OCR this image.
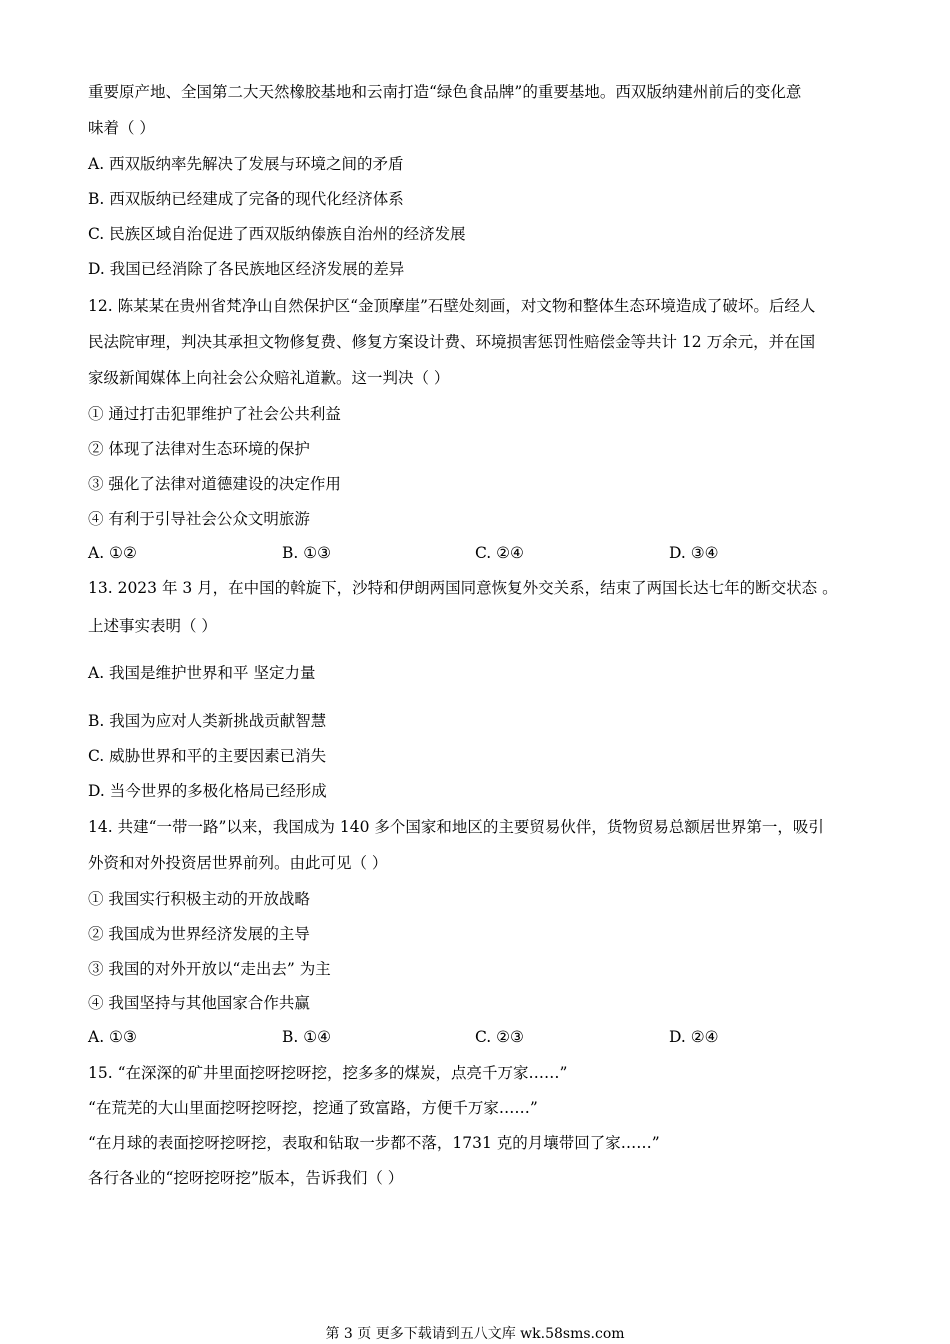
重要原产地、全国第二大天然橡胶基地和云南打造“绿色食品牌”的重要基地。西双版纳建州前后的变化意
味着（ ）
A. 西双版纳率先解决了发展与环境之间的矛盾
B. 西双版纳已经建成了完备的现代化经济体系
C. 民族区域自治促进了西双版纳傣族自治州的经济发展
D. 我国已经消除了各民族地区经济发展的差异
12. 陈某某在贵州省梵净山自然保护区“金顶摩崖”石壁处刻画，对文物和整体生态环境造成了破坏。后经人
民法院审理，判决其承担文物修复费、修复方案设计费、环境损害惩罚性赔偿金等共计 12 万余元，并在国
家级新闻媒体上向社会公众赔礼道歉。这一判决（ ）
① 通过打击犯罪维护了社会公共利益
② 体现了法律对生态环境的保护
③ 强化了法律对道德建设的决定作用
④ 有利于引导社会公众文明旅游
A. ①②	B. ①③	C. ②④	D. ③④
13. 2023 年 3 月，在中国的斡旋下，沙特和伊朗两国同意恢复外交关系，结束了两国长达七年的断交状态 。
上述事实表明（ ）
A. 我国是维护世界和平 坚定力量
B. 我国为应对人类新挑战贡献智慧
C. 威胁世界和平的主要因素已消失
D. 当今世界的多极化格局已经形成
14. 共建“一带一路”以来，我国成为 140 多个国家和地区的主要贸易伙伴，货物贸易总额居世界第一，吸引
外资和对外投资居世界前列。由此可见（ ）
① 我国实行积极主动的开放战略
② 我国成为世界经济发展的主导
③ 我国的对外开放以“走出去” 为主
④ 我国坚持与其他国家合作共赢
A. ①③	B. ①④	C. ②③	D. ②④
15. “在深深的矿井里面挖呀挖呀挖，挖多多的煤炭，点亮千万家……”
“在荒芜的大山里面挖呀挖呀挖，挖通了致富路，方便千万家……”
“在月球的表面挖呀挖呀挖，表取和钻取一步都不落，1731 克的月壤带回了家……”
各行各业的“挖呀挖呀挖”版本，告诉我们（ ）
第 3 页 更多下载请到五八文库 wk.58sms.com
